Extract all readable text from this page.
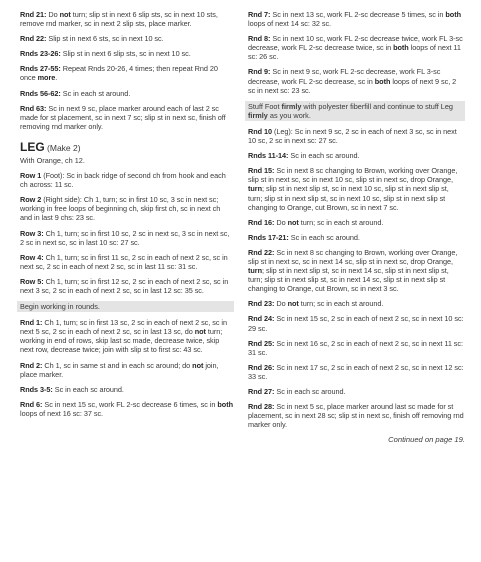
Rnd 21: Do not turn; slip st in next 6 slip sts, sc in next 10 sts, remove rnd marker, sc in next 2 slip sts, place marker.

Rnd 22: Slip st in next 6 sts, sc in next 10 sc.

Rnds 23-26: Slip st in next 6 slip sts, sc in next 10 sc.

Rnds 27-55: Repeat Rnds 20-26, 4 times; then repeat Rnd 20 once more.

Rnds 56-62: Sc in each st around.

Rnd 63: Sc in next 9 sc, place marker around each of last 2 sc made for st placement, sc in next 7 sc; slip st in next sc, finish off removing rnd marker only.

LEG (Make 2)

With Orange, ch 12.

Row 1 (Foot): Sc in back ridge of second ch from hook and each ch across: 11 sc.

Row 2 (Right side): Ch 1, turn; sc in first 10 sc, 3 sc in next sc; working in free loops of beginning ch, skip first ch, sc in next ch and in last 9 chs: 23 sc.

Row 3: Ch 1, turn; sc in first 10 sc, 2 sc in next sc, 3 sc in next sc, 2 sc in next sc, sc in last 10 sc: 27 sc.

Row 4: Ch 1, turn; sc in first 11 sc, 2 sc in each of next 2 sc, sc in next sc, 2 sc in each of next 2 sc, sc in last 11 sc: 31 sc.

Row 5: Ch 1, turn; sc in first 12 sc, 2 sc in each of next 2 sc, sc in next 3 sc, 2 sc in each of next 2 sc, sc in last 12 sc: 35 sc.

Begin working in rounds.

Rnd 1: Ch 1, turn; sc in first 13 sc, 2 sc in each of next 2 sc, sc in next 5 sc, 2 sc in each of next 2 sc, sc in last 13 sc, do not turn; working in end of rows, skip last sc made, decrease twice, skip next row, decrease twice; join with slip st to first sc: 43 sc.

Rnd 2: Ch 1, sc in same st and in each sc around; do not join, place marker.

Rnds 3-5: Sc in each sc around.

Rnd 6: Sc in next 15 sc, work FL 2-sc decrease 6 times, sc in both loops of next 16 sc: 37 sc.

Rnd 7: Sc in next 13 sc, work FL 2-sc decrease 5 times, sc in both loops of next 14 sc: 32 sc.

Rnd 8: Sc in next 10 sc, work FL 2-sc decrease twice, work FL 3-sc decrease, work FL 2-sc decrease twice, sc in both loops of next 11 sc: 26 sc.

Rnd 9: Sc in next 9 sc, work FL 2-sc decrease, work FL 3-sc decrease, work FL 2-sc decrease, sc in both loops of next 9 sc, 2 sc in next sc: 23 sc.

Stuff Foot firmly with polyester fiberfill and continue to stuff Leg firmly as you work.

Rnd 10 (Leg): Sc in next 9 sc, 2 sc in each of next 3 sc, sc in next 10 sc, 2 sc in next sc: 27 sc.

Rnds 11-14: Sc in each sc around.

Rnd 15: Sc in next 8 sc changing to Brown, working over Orange, slip st in next sc, sc in next 10 sc, slip st in next sc, drop Orange, turn; slip st in next slip st, sc in next 10 sc, slip st in next slip st, turn; slip st in next slip st, sc in next 10 sc, slip st in next slip st changing to Orange, cut Brown, sc in next 7 sc.

Rnd 16: Do not turn; sc in each st around.

Rnds 17-21: Sc in each sc around.

Rnd 22: Sc in next 8 sc changing to Brown, working over Orange, slip st in next sc, sc in next 14 sc, slip st in next sc, drop Orange, turn; slip st in next slip st, sc in next 14 sc, slip st in next slip st, turn; slip st in next slip st, sc in next 14 sc, slip st in next slip st changing to Orange, cut Brown, sc in next 3 sc.

Rnd 23: Do not turn; sc in each st around.

Rnd 24: Sc in next 15 sc, 2 sc in each of next 2 sc, sc in next 10 sc: 29 sc.

Rnd 25: Sc in next 16 sc, 2 sc in each of next 2 sc, sc in next 11 sc: 31 sc.

Rnd 26: Sc in next 17 sc, 2 sc in each of next 2 sc, sc in next 12 sc: 33 sc.

Rnd 27: Sc in each sc around.

Rnd 28: Sc in next 5 sc, place marker around last sc made for st placement, sc in next 28 sc; slip st in next sc, finish off removing rnd marker only.

Continued on page 19.
